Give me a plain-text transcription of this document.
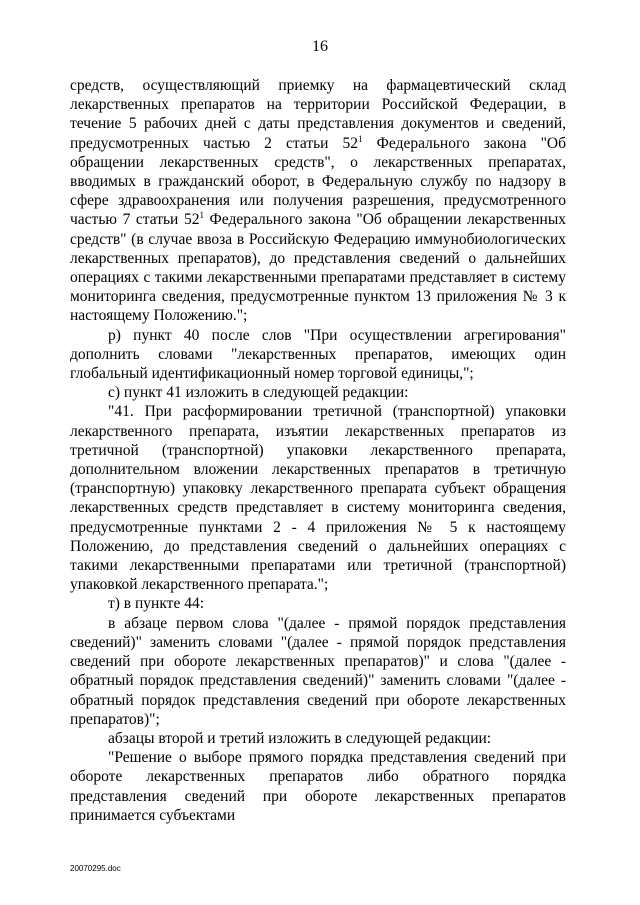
16

средств, осуществляющий приемку на фармацевтический склад лекарственных препаратов на территории Российской Федерации, в течение 5 рабочих дней с даты представления документов и сведений, предусмотренных частью 2 статьи $52^1$ Федерального закона "Об обращении лекарственных средств", о лекарственных препаратах, вводимых в гражданский оборот, в Федеральную службу по надзору в сфере здравоохранения или получения разрешения, предусмотренного частью 7 статьи $52^1$ Федерального закона "Об обращении лекарственных средств" (в случае ввоза в Российскую Федерацию иммунобиологических лекарственных препаратов), до представления сведений о дальнейших операциях с такими лекарственными препаратами представляет в систему мониторинга сведения, предусмотренные пунктом 13 приложения № 3 к настоящему Положению.";

р) пункт 40 после слов "При осуществлении агрегирования" дополнить словами "лекарственных препаратов, имеющих один глобальный идентификационный номер торговой единицы,";

с) пункт 41 изложить в следующей редакции:

"41. При расформировании третичной (транспортной) упаковки лекарственного препарата, изъятии лекарственных препаратов из третичной (транспортной) упаковки лекарственного препарата, дополнительном вложении лекарственных препаратов в третичную (транспортную) упаковку лекарственного препарата субъект обращения лекарственных средств представляет в систему мониторинга сведения, предусмотренные пунктами 2 - 4 приложения № 5 к настоящему Положению, до представления сведений о дальнейших операциях с такими лекарственными препаратами или третичной (транспортной) упаковкой лекарственного препарата.";

т) в пункте 44:

в абзаце первом слова "(далее - прямой порядок представления сведений)" заменить словами "(далее - прямой порядок представления сведений при обороте лекарственных препаратов)" и слова "(далее - обратный порядок представления сведений)" заменить словами "(далее - обратный порядок представления сведений при обороте лекарственных препаратов)";

абзацы второй и третий изложить в следующей редакции:

"Решение о выборе прямого порядка представления сведений при обороте лекарственных препаратов либо обратного порядка представления сведений при обороте лекарственных препаратов принимается субъектами

20070295.doc
